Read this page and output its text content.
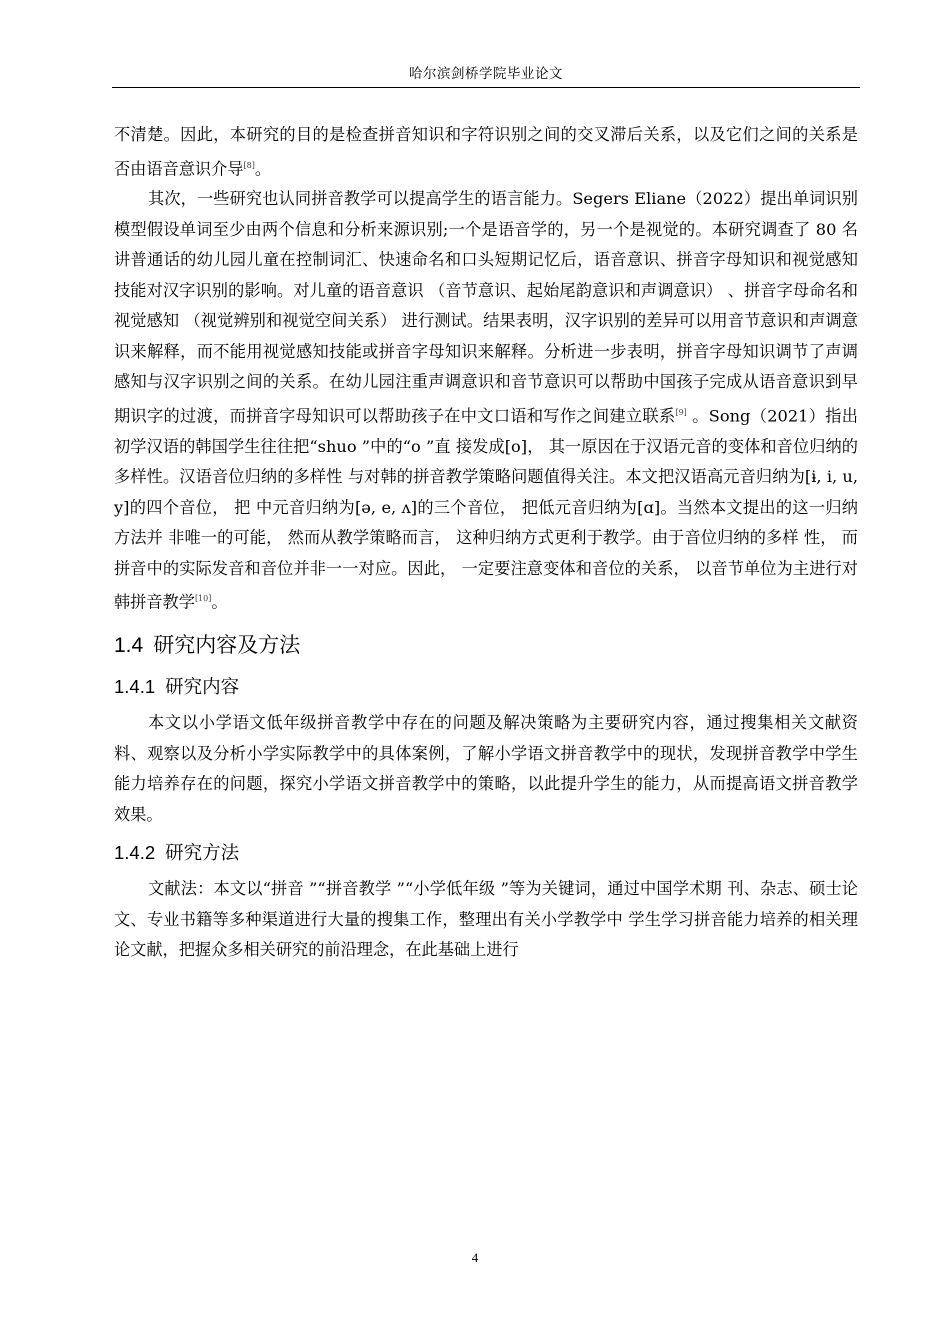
哈尔滨剑桥学院毕业论文

不清楚。因此，本研究的目的是检查拼音知识和字符识别之间的交叉滞后关系，以及它们之间的关系是否由语音意识介导[8]。

其次，一些研究也认同拼音教学可以提高学生的语言能力。Segers Eliane（2022）提出单词识别模型假设单词至少由两个信息和分析来源识别;一个是语音学的，另一个是视觉的。本研究调查了 80 名讲普通话的幼儿园儿童在控制词汇、快速命名和口头短期记忆后，语音意识、拼音字母知识和视觉感知技能对汉字识别的影响。对儿童的语音意识 （音节意识、起始尾韵意识和声调意识） 、拼音字母命名和视觉感知 （视觉辨别和视觉空间关系） 进行测试。结果表明，汉字识别的差异可以用音节意识和声调意识来解释，而不能用视觉感知技能或拼音字母知识来解释。分析进一步表明，拼音字母知识调节了声调感知与汉字识别之间的关系。在幼儿园注重声调意识和音节意识可以帮助中国孩子完成从语音意识到早期识字的过渡，而拼音字母知识可以帮助孩子在中文口语和写作之间建立联系[9] 。Song（2021）指出初学汉语的韩国学生往往把“shuo ”中的“o ”直 接发成[o]， 其一原因在于汉语元音的变体和音位归纳的多样性。汉语音位归纳的多样性 与对韩的拼音教学策略问题值得关注。本文把汉语高元音归纳为[ɨ, i, u, y]的四个音位， 把 中元音归纳为[ə, e, ʌ]的三个音位， 把低元音归纳为[ɑ]。当然本文提出的这一归纳方法并 非唯一的可能， 然而从教学策略而言， 这种归纳方式更利于教学。由于音位归纳的多样 性， 而拼音中的实际发音和音位并非一一对应。因此， 一定要注意变体和音位的关系， 以音节单位为主进行对韩拼音教学[10]。

1.4 研究内容及方法
1.4.1 研究内容

本文以小学语文低年级拼音教学中存在的问题及解决策略为主要研究内容，通过搜集相关文献资料、观察以及分析小学实际教学中的具体案例，了解小学语文拼音教学中的现状，发现拼音教学中学生能力培养存在的问题，探究小学语文拼音教学中的策略，以此提升学生的能力，从而提高语文拼音教学效果。

1.4.2 研究方法

文献法：本文以“拼音 ”“拼音教学 ”“小学低年级 ”等为关键词，通过中国学术期 刊、杂志、硕士论文、专业书籍等多种渠道进行大量的搜集工作，整理出有关小学教学中 学生学习拼音能力培养的相关理论文献，把握众多相关研究的前沿理念，在此基础上进行

4
